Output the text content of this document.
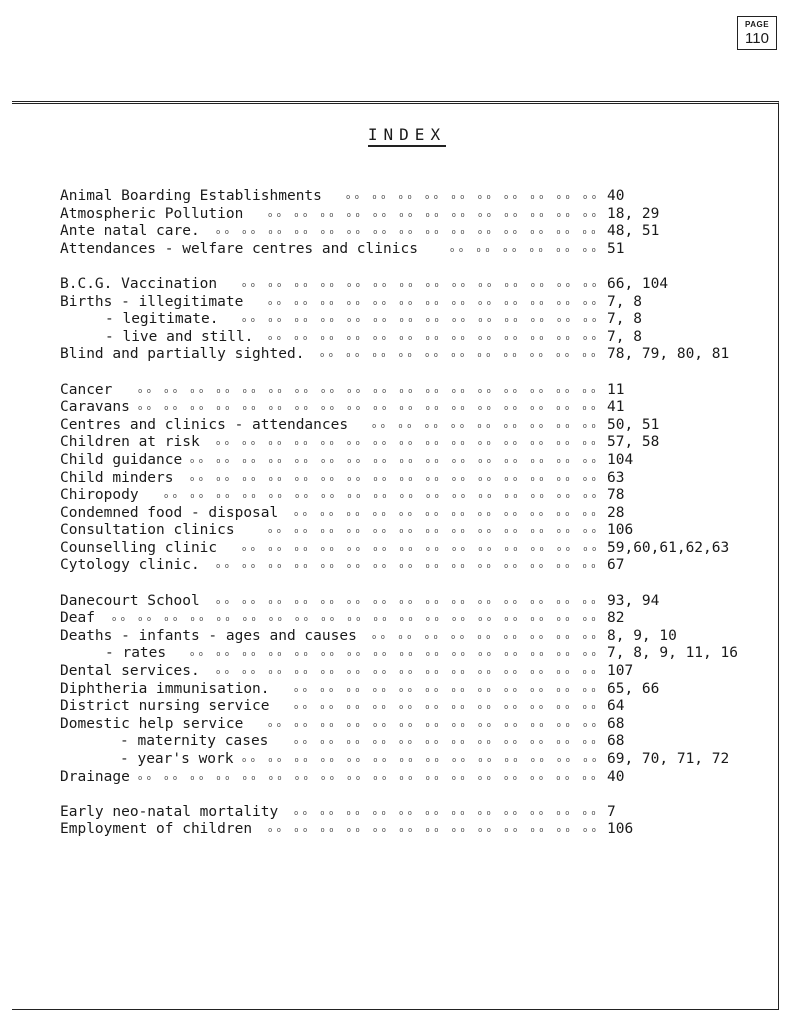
PAGE
110
INDEX
Animal Boarding Establishments	40
o o   o o   o o   o o   o o   o o   o o   o o   o o   o o
Atmospheric Pollution	18, 29
o o   o o   o o   o o   o o   o o   o o   o o   o o   o o   o o   o o   o o
Ante natal care.	48, 51
o o   o o   o o   o o   o o   o o   o o   o o   o o   o o   o o   o o   o o   o o   o o
Attendances - welfare centres and clinics	51
o o   o o   o o   o o   o o   o o
B.C.G. Vaccination	66, 104
o o   o o   o o   o o   o o   o o   o o   o o   o o   o o   o o   o o   o o   o o
Births - illegitimate	7, 8
o o   o o   o o   o o   o o   o o   o o   o o   o o   o o   o o   o o   o o
- legitimate.	7, 8
o o   o o   o o   o o   o o   o o   o o   o o   o o   o o   o o   o o   o o   o o
- live and still.	7, 8
o o   o o   o o   o o   o o   o o   o o   o o   o o   o o   o o   o o   o o
Blind and partially sighted.	78, 79, 80, 81
o o   o o   o o   o o   o o   o o   o o   o o   o o   o o   o o
Cancer	11
o o   o o   o o   o o   o o   o o   o o   o o   o o   o o   o o   o o   o o   o o   o o   o o   o o   o o
Caravans	41
o o   o o   o o   o o   o o   o o   o o   o o   o o   o o   o o   o o   o o   o o   o o   o o   o o   o o
Centres and clinics - attendances	50, 51
o o   o o   o o   o o   o o   o o   o o   o o   o o
Children at risk	57, 58
o o   o o   o o   o o   o o   o o   o o   o o   o o   o o   o o   o o   o o   o o   o o
Child guidance	104
o o   o o   o o   o o   o o   o o   o o   o o   o o   o o   o o   o o   o o   o o   o o   o o
Child minders	63
o o   o o   o o   o o   o o   o o   o o   o o   o o   o o   o o   o o   o o   o o   o o   o o
Chiropody	78
o o   o o   o o   o o   o o   o o   o o   o o   o o   o o   o o   o o   o o   o o   o o   o o   o o
Condemned food - disposal	28
o o   o o   o o   o o   o o   o o   o o   o o   o o   o o   o o   o o
Consultation clinics	106
o o   o o   o o   o o   o o   o o   o o   o o   o o   o o   o o   o o   o o
Counselling clinic	59,60,61,62,63
o o   o o   o o   o o   o o   o o   o o   o o   o o   o o   o o   o o   o o   o o
Cytology clinic.	67
o o   o o   o o   o o   o o   o o   o o   o o   o o   o o   o o   o o   o o   o o   o o
Danecourt School	93, 94
o o   o o   o o   o o   o o   o o   o o   o o   o o   o o   o o   o o   o o   o o   o o
Deaf	82
o o   o o   o o   o o   o o   o o   o o   o o   o o   o o   o o   o o   o o   o o   o o   o o   o o   o o   o o
Deaths - infants - ages and causes	8, 9, 10
o o   o o   o o   o o   o o   o o   o o   o o   o o
- rates	7, 8, 9, 11, 16
o o   o o   o o   o o   o o   o o   o o   o o   o o   o o   o o   o o   o o   o o   o o   o o
Dental services.	107
o o   o o   o o   o o   o o   o o   o o   o o   o o   o o   o o   o o   o o   o o   o o
Diphtheria immunisation.	65, 66
o o   o o   o o   o o   o o   o o   o o   o o   o o   o o   o o   o o
District nursing service	64
o o   o o   o o   o o   o o   o o   o o   o o   o o   o o   o o   o o
Domestic help service	68
o o   o o   o o   o o   o o   o o   o o   o o   o o   o o   o o   o o   o o
- maternity cases	68
o o   o o   o o   o o   o o   o o   o o   o o   o o   o o   o o   o o
- year's work	69, 70, 71, 72
o o   o o   o o   o o   o o   o o   o o   o o   o o   o o   o o   o o   o o   o o
Drainage	40
o o   o o   o o   o o   o o   o o   o o   o o   o o   o o   o o   o o   o o   o o   o o   o o   o o   o o
Early neo-natal mortality	7
o o   o o   o o   o o   o o   o o   o o   o o   o o   o o   o o   o o
Employment of children	106
o o   o o   o o   o o   o o   o o   o o   o o   o o   o o   o o   o o   o o
